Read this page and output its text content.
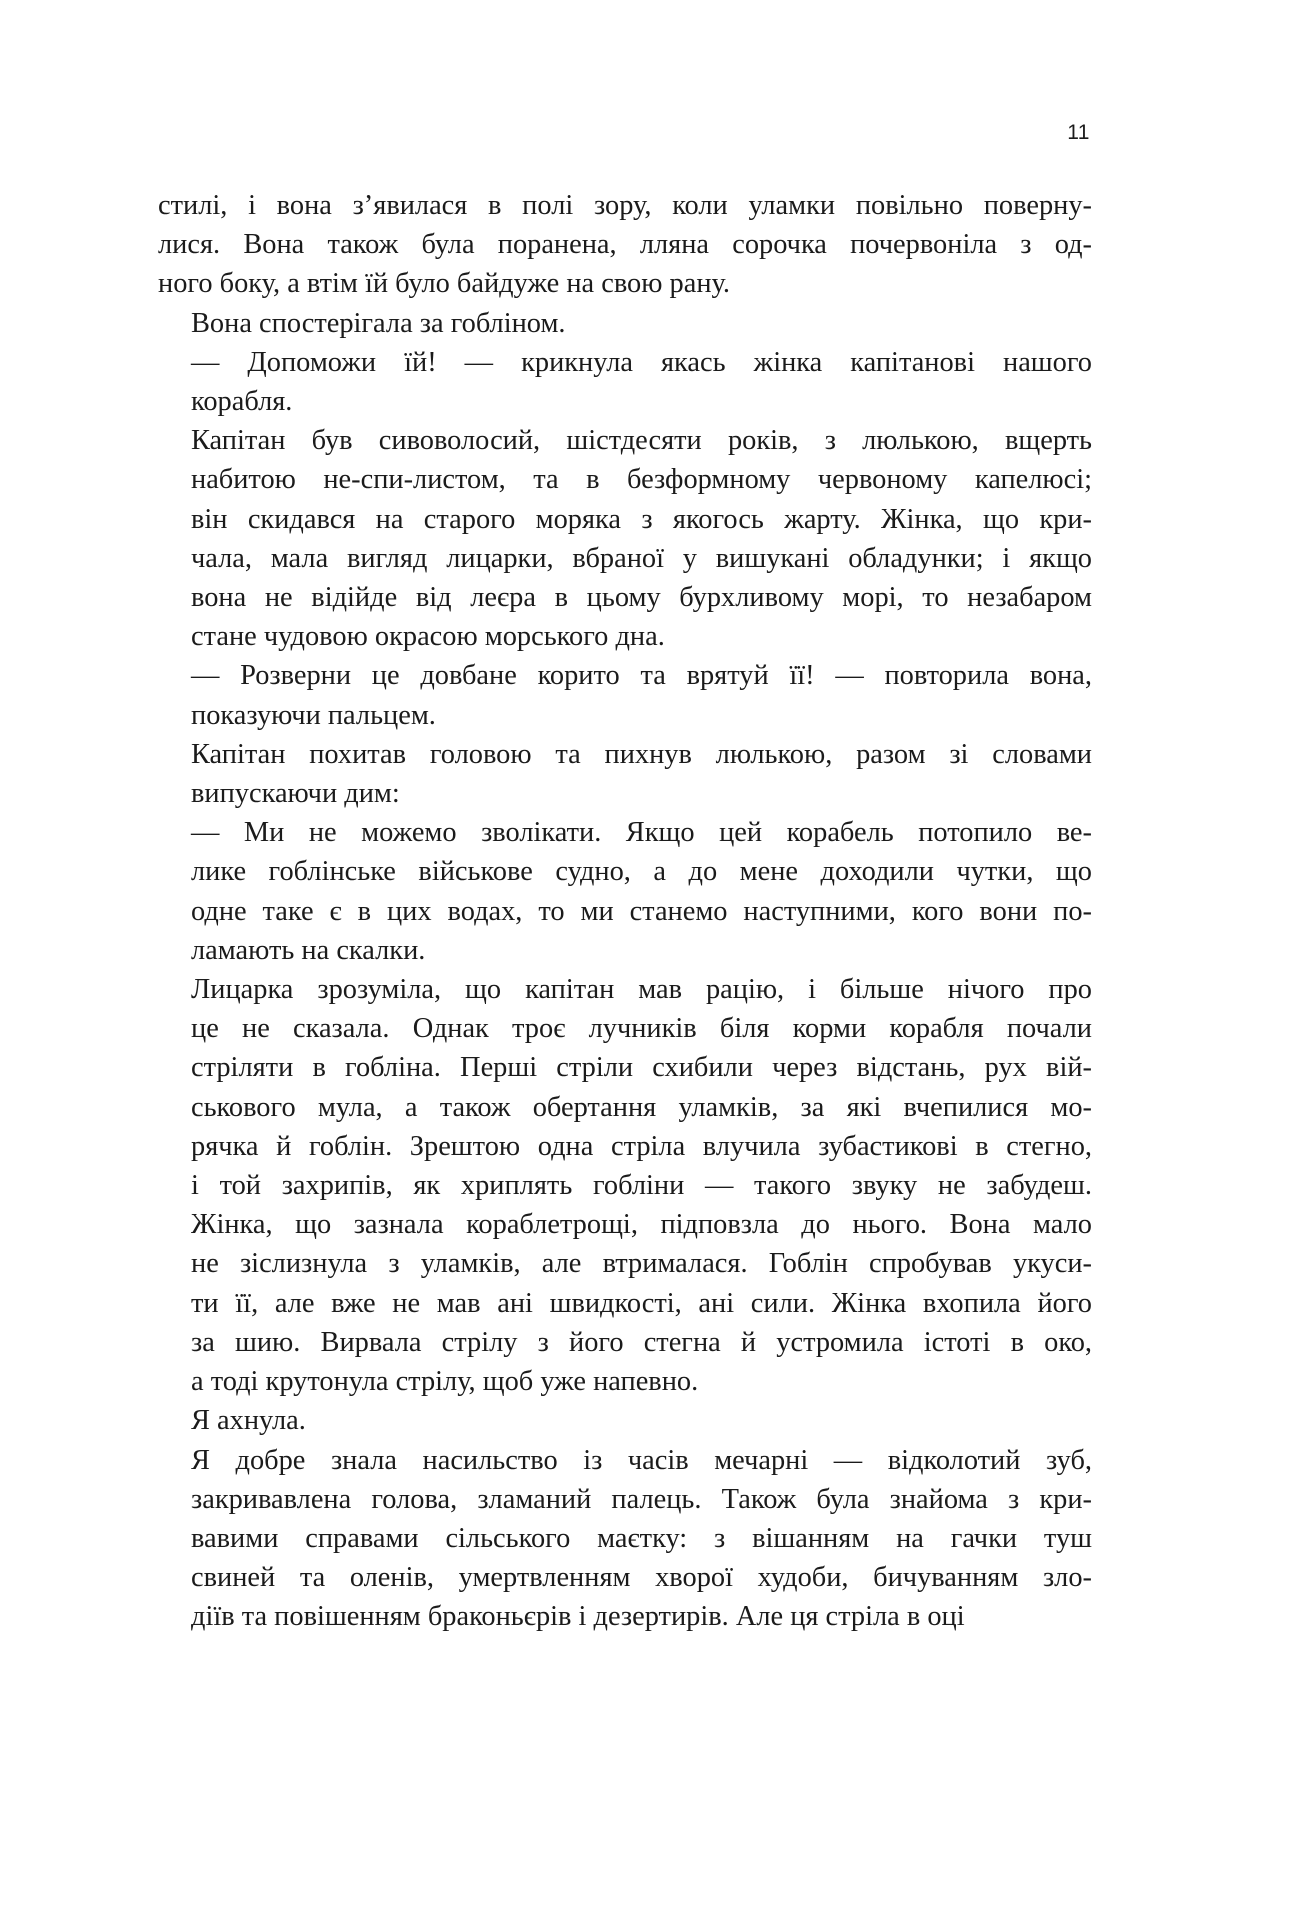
11

стилі, і вона з’явилася в полі зору, коли уламки повільно поверну-
лися. Вона також була поранена, лляна сорочка почервоніла з од-
ного боку, а втім їй було байдуже на свою рану.

Вона спостерігала за гобліном.

— Допоможи їй! — крикнула якась жінка капітанові нашого
корабля.

Капітан був сивоволосий, шістдесяти років, з люлькою, вщерть
набитою не-спи-листом, та в безформному червоному капелюсі;
він скидався на старого моряка з якогось жарту. Жінка, що кри-
чала, мала вигляд лицарки, вбраної у вишукані обладунки; і якщо
вона не відійде від леєра в цьому бурхливому морі, то незабаром
стане чудовою окрасою морського дна.

— Розверни це довбане корито та врятуй її! — повторила вона,
показуючи пальцем.

Капітан похитав головою та пихнув люлькою, разом зі словами
випускаючи дим:

— Ми не можемо зволікати. Якщо цей корабель потопило ве-
лике гоблінське військове судно, а до мене доходили чутки, що
одне таке є в цих водах, то ми станемо наступними, кого вони по-
ламають на скалки.

Лицарка зрозуміла, що капітан мав рацію, і більше нічого про
це не сказала. Однак троє лучників біля корми корабля почали
стріляти в гобліна. Перші стріли схибили через відстань, рух вій-
ськового мула, а також обертання уламків, за які вчепилися мо-
рячка й гоблін. Зрештою одна стріла влучила зубастикові в стегно,
і той захрипів, як хриплять гобліни — такого звуку не забудеш.
Жінка, що зазнала кораблетрощі, підповзла до нього. Вона мало
не зіслизнула з уламків, але втрималася. Гоблін спробував укуси-
ти її, але вже не мав ані швидкості, ані сили. Жінка вхопила його
за шию. Вирвала стрілу з його стегна й устромила істоті в око,
а тоді крутонула стрілу, щоб уже напевно.

Я ахнула.

Я добре знала насильство із часів мечарні — відколотий зуб,
закривавлена голова, зламаний палець. Також була знайома з кри-
вавими справами сільського маєтку: з вішанням на гачки туш
свиней та оленів, умертвленням хворої худоби, бичуванням зло-
діїв та повішенням браконьєрів і дезертирів. Але ця стріла в оці
